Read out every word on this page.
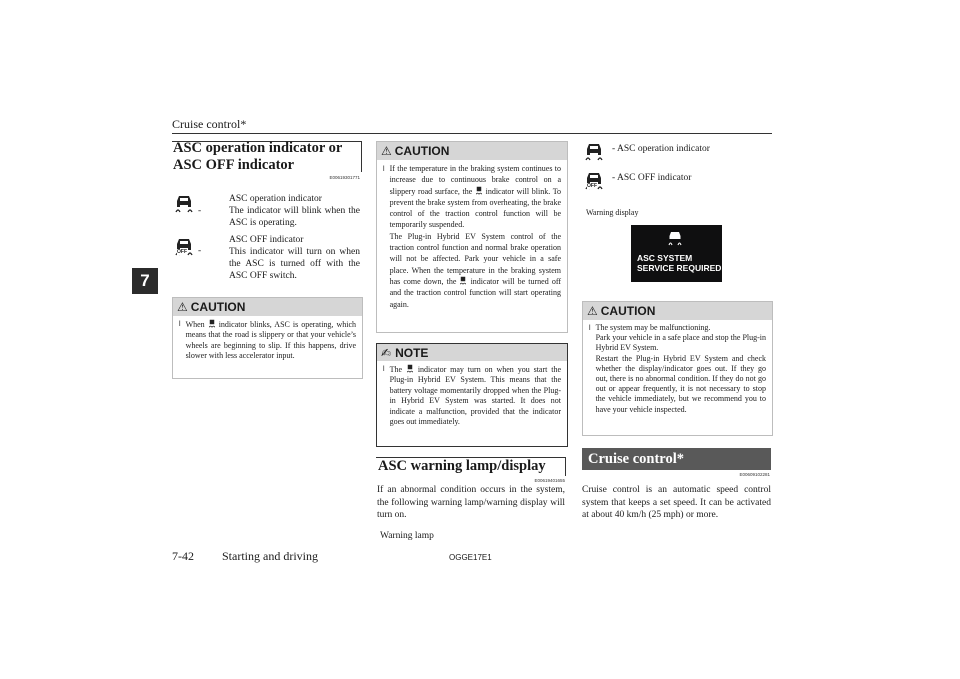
Cruise control*
7
ASC operation indicator or ASC OFF indicator
E00619301771
-
ASC operation indicator
The indicator will blink when the ASC is operating.
OFF -
ASC OFF indicator
This indicator will turn on when the ASC is turned off with the ASC OFF switch.
⚠ CAUTION
l When indicator blinks, ASC is operating, which means that the road is slippery or that your vehicle’s wheels are beginning to slip. If this happens, drive slower with less accelerator input.
⚠ CAUTION
l If the temperature in the braking system continues to increase due to continuous brake control on a slippery road surface, the indicator will blink. To prevent the brake system from overheating, the brake control of the traction control function will be temporarily suspended.
The Plug-in Hybrid EV System control of the traction control function and normal brake operation will not be affected. Park your vehicle in a safe place. When the temperature in the braking system has come down, the indicator will be turned off and the traction control function will start operating again.
✍ NOTE
l The indicator may turn on when you start the Plug-in Hybrid EV System. This means that the battery voltage momentarily dropped when the Plug-in Hybrid EV System was started. It does not indicate a malfunction, provided that the indicator goes out immediately.
ASC warning lamp/display
E00619401655
If an abnormal condition occurs in the system, the following warning lamp/warning display will turn on.
Warning lamp
- ASC operation indicator
OFF
- ASC OFF indicator
Warning display
ASC SYSTEM
SERVICE REQUIRED
⚠ CAUTION
l The system may be malfunctioning.
Park your vehicle in a safe place and stop the Plug-in Hybrid EV System.
Restart the Plug-in Hybrid EV System and check whether the display/indicator goes out. If they go out, there is no abnormal condition. If they do not go out or appear frequently, it is not necessary to stop the vehicle immediately, but we recommend you to have your vehicle inspected.
Cruise control*
E00609102281
Cruise control is an automatic speed control system that keeps a set speed. It can be activated at about 40 km/h (25 mph) or more.
7-42 Starting and driving	OGGE17E1
